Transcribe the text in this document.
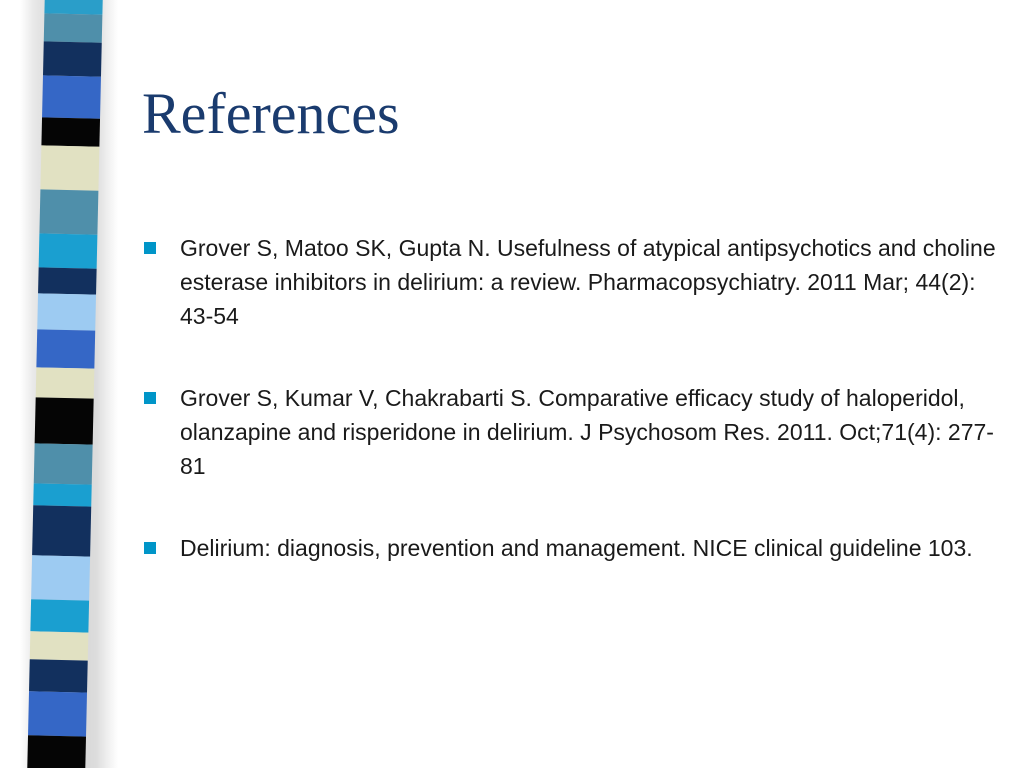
References
Grover S, Matoo SK, Gupta N. Usefulness of atypical antipsychotics and choline esterase inhibitors in delirium: a review. Pharmacopsychiatry. 2011 Mar; 44(2): 43-54
Grover S, Kumar V, Chakrabarti S. Comparative efficacy study of haloperidol, olanzapine and risperidone in delirium. J Psychosom Res. 2011. Oct;71(4): 277-81
Delirium: diagnosis, prevention and management. NICE clinical guideline 103.
